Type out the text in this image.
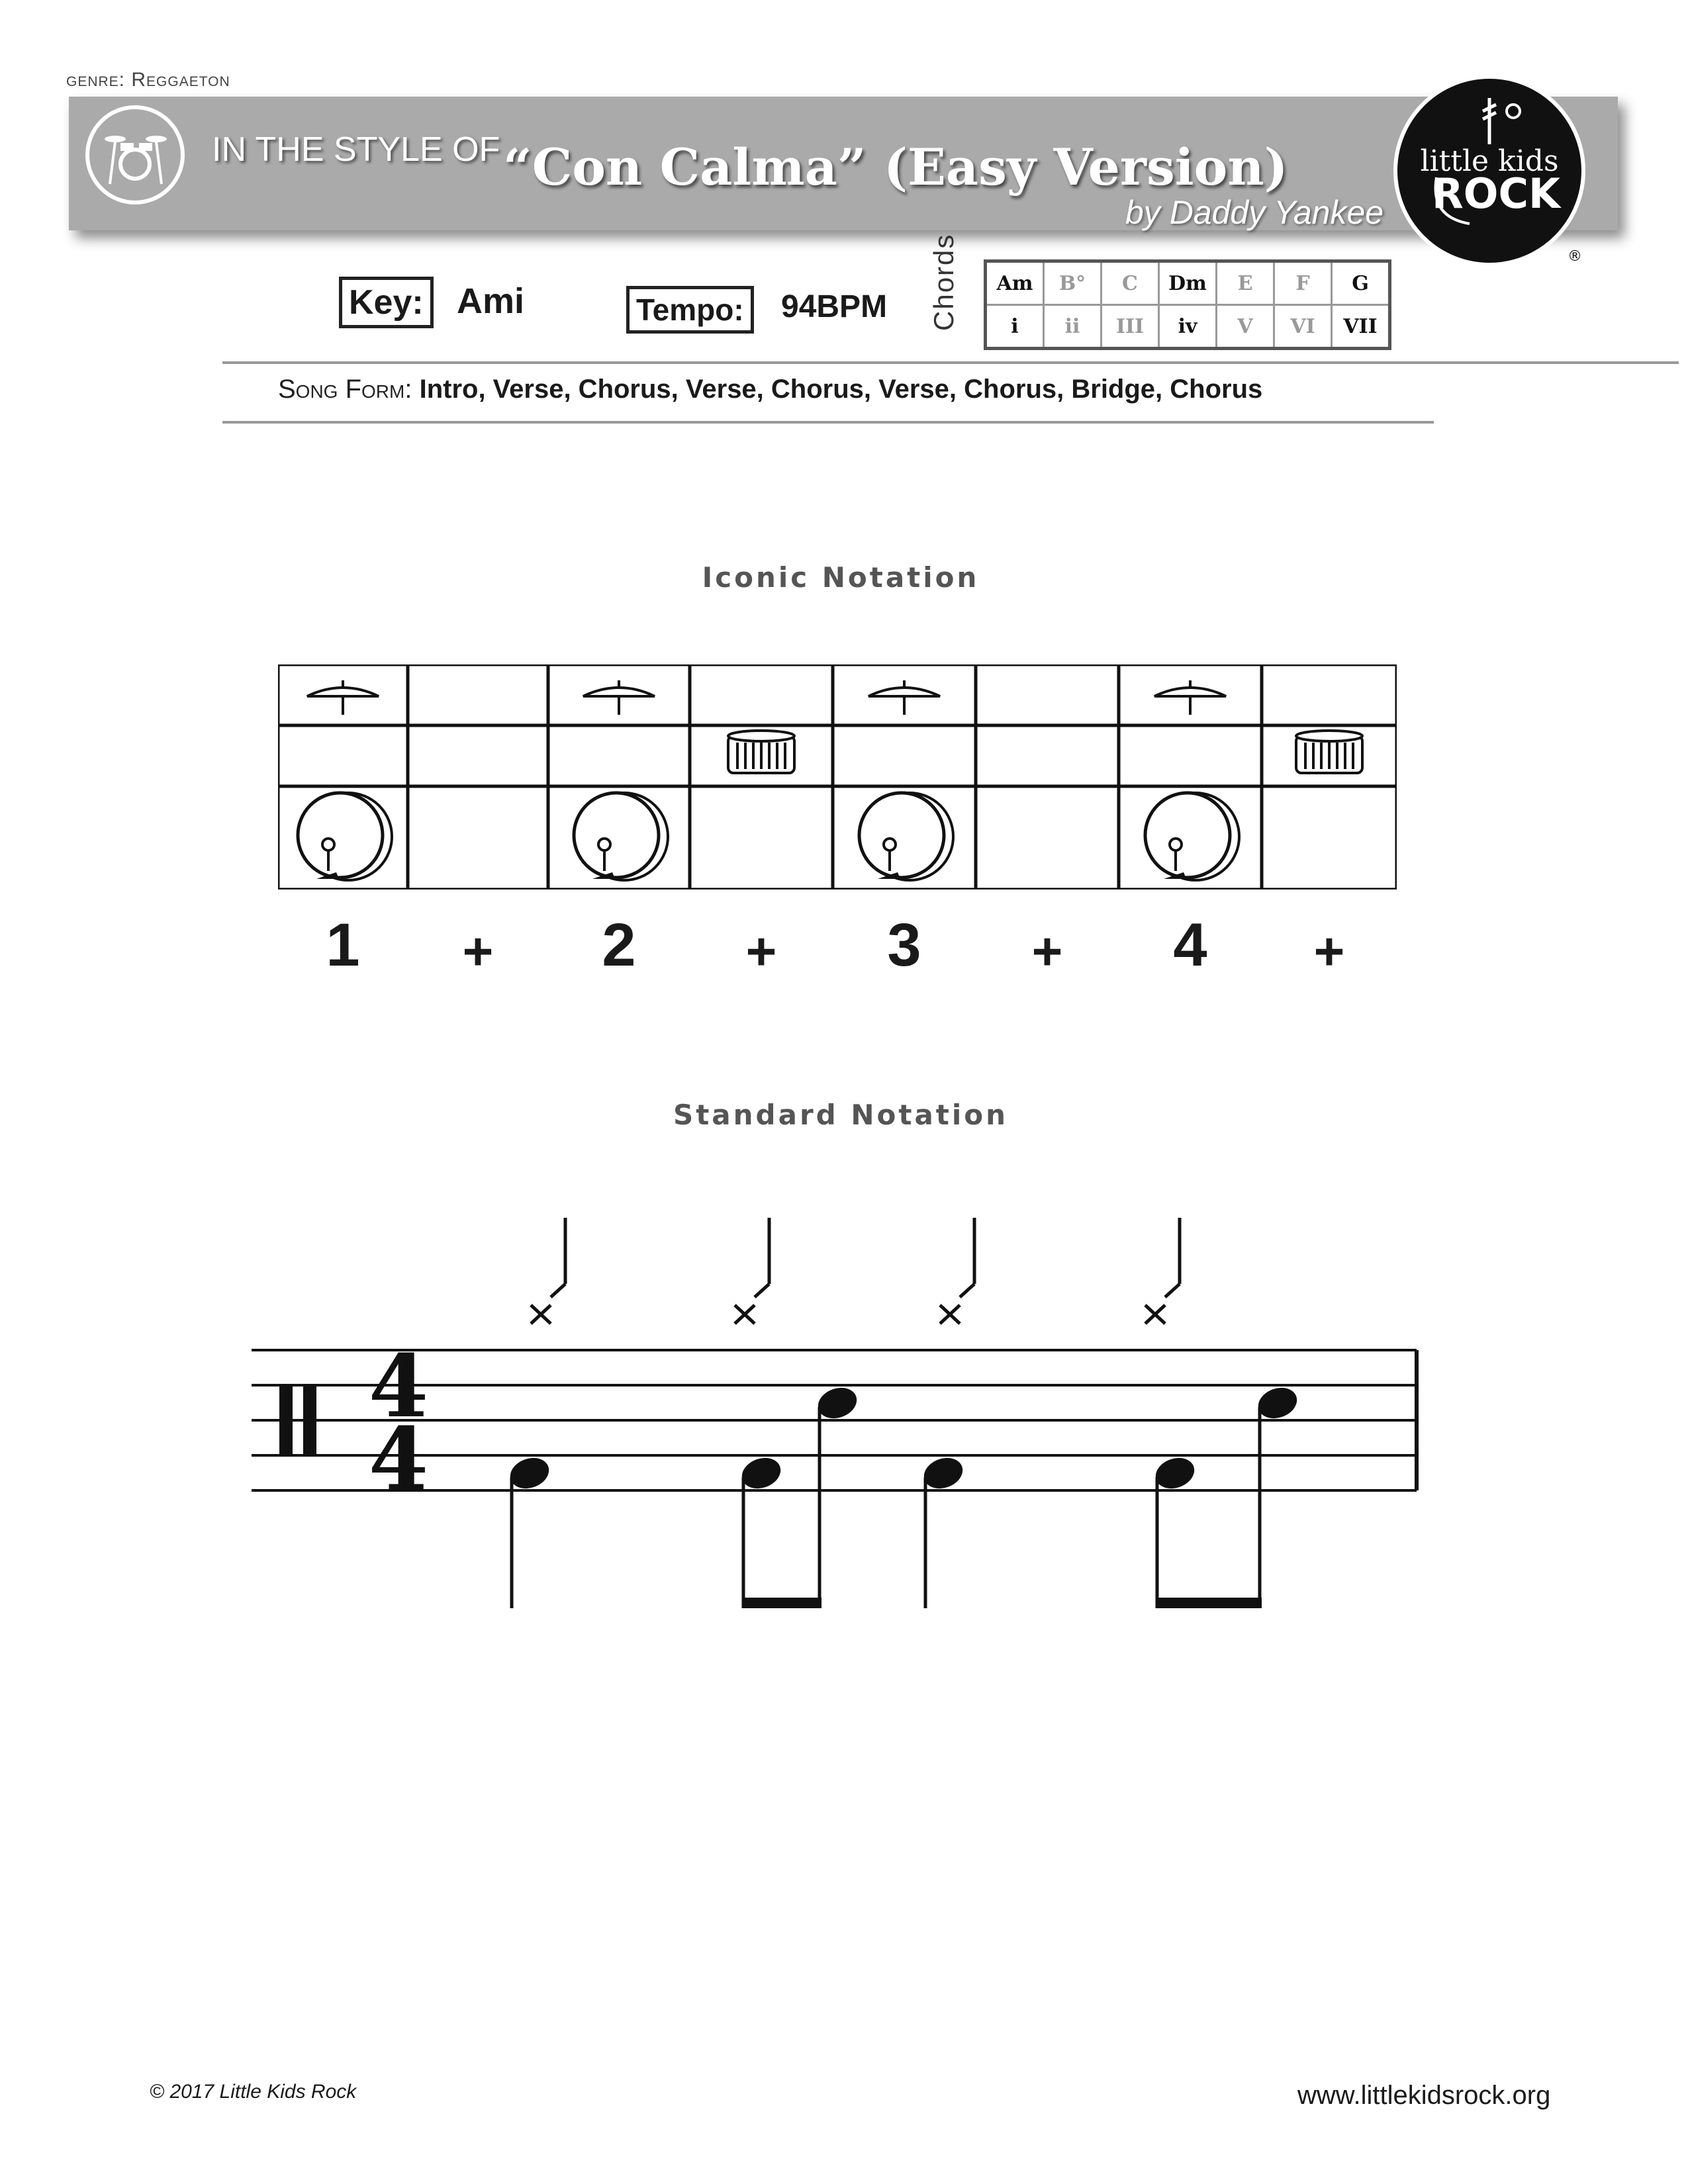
genre: Reggaeton
IN THE STYLE OF “Con Calma” (Easy Version)
by Daddy Yankee
little kids
ROCK
®
Key: Ami	Tempo:	94BPM Chords Am	B°	C	Dm	E	F	G
i	ii	III	iv	V	VI	VII
Song Form: Intro, Verse, Chorus, Verse, Chorus, Verse, Chorus, Bridge, Chorus
Iconic Notation
1	+	2	+	3	+	4	+
Standard Notation
4
4
© 2017 Little Kids Rock	www.littlekidsrock.org
